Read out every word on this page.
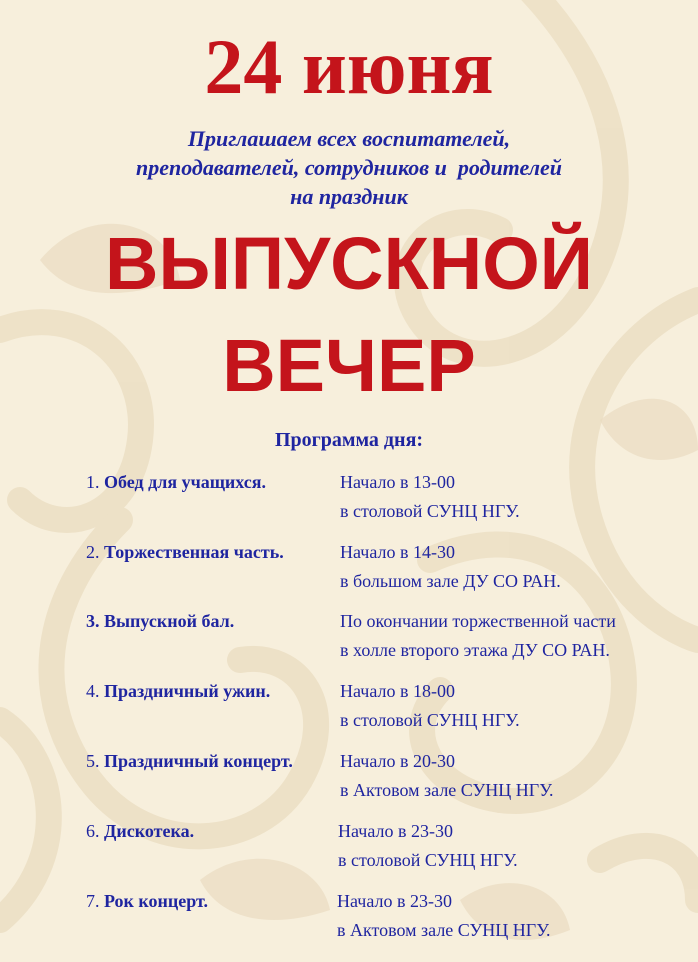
24 июня
Приглашаем всех воспитателей,
преподавателей, сотрудников и  родителей
на праздник
ВЫПУСКНОЙ
ВЕЧЕР
Программа дня:
1. Обед для учащихся.	Начало в 13-00
в столовой СУНЦ НГУ.
2. Торжественная часть.	Начало в 14-30
в большом зале ДУ СО РАН.
3. Выпускной бал.	По окончании торжественной части
в холле второго этажа ДУ СО РАН.
4. Праздничный ужин.	Начало в 18-00
в столовой СУНЦ НГУ.
5. Праздничный концерт.	Начало в 20-30
в Актовом зале СУНЦ НГУ.
6. Дискотека.	Начало в 23-30
в столовой СУНЦ НГУ.
7. Рок концерт.	Начало в 23-30
в Актовом зале СУНЦ НГУ.
